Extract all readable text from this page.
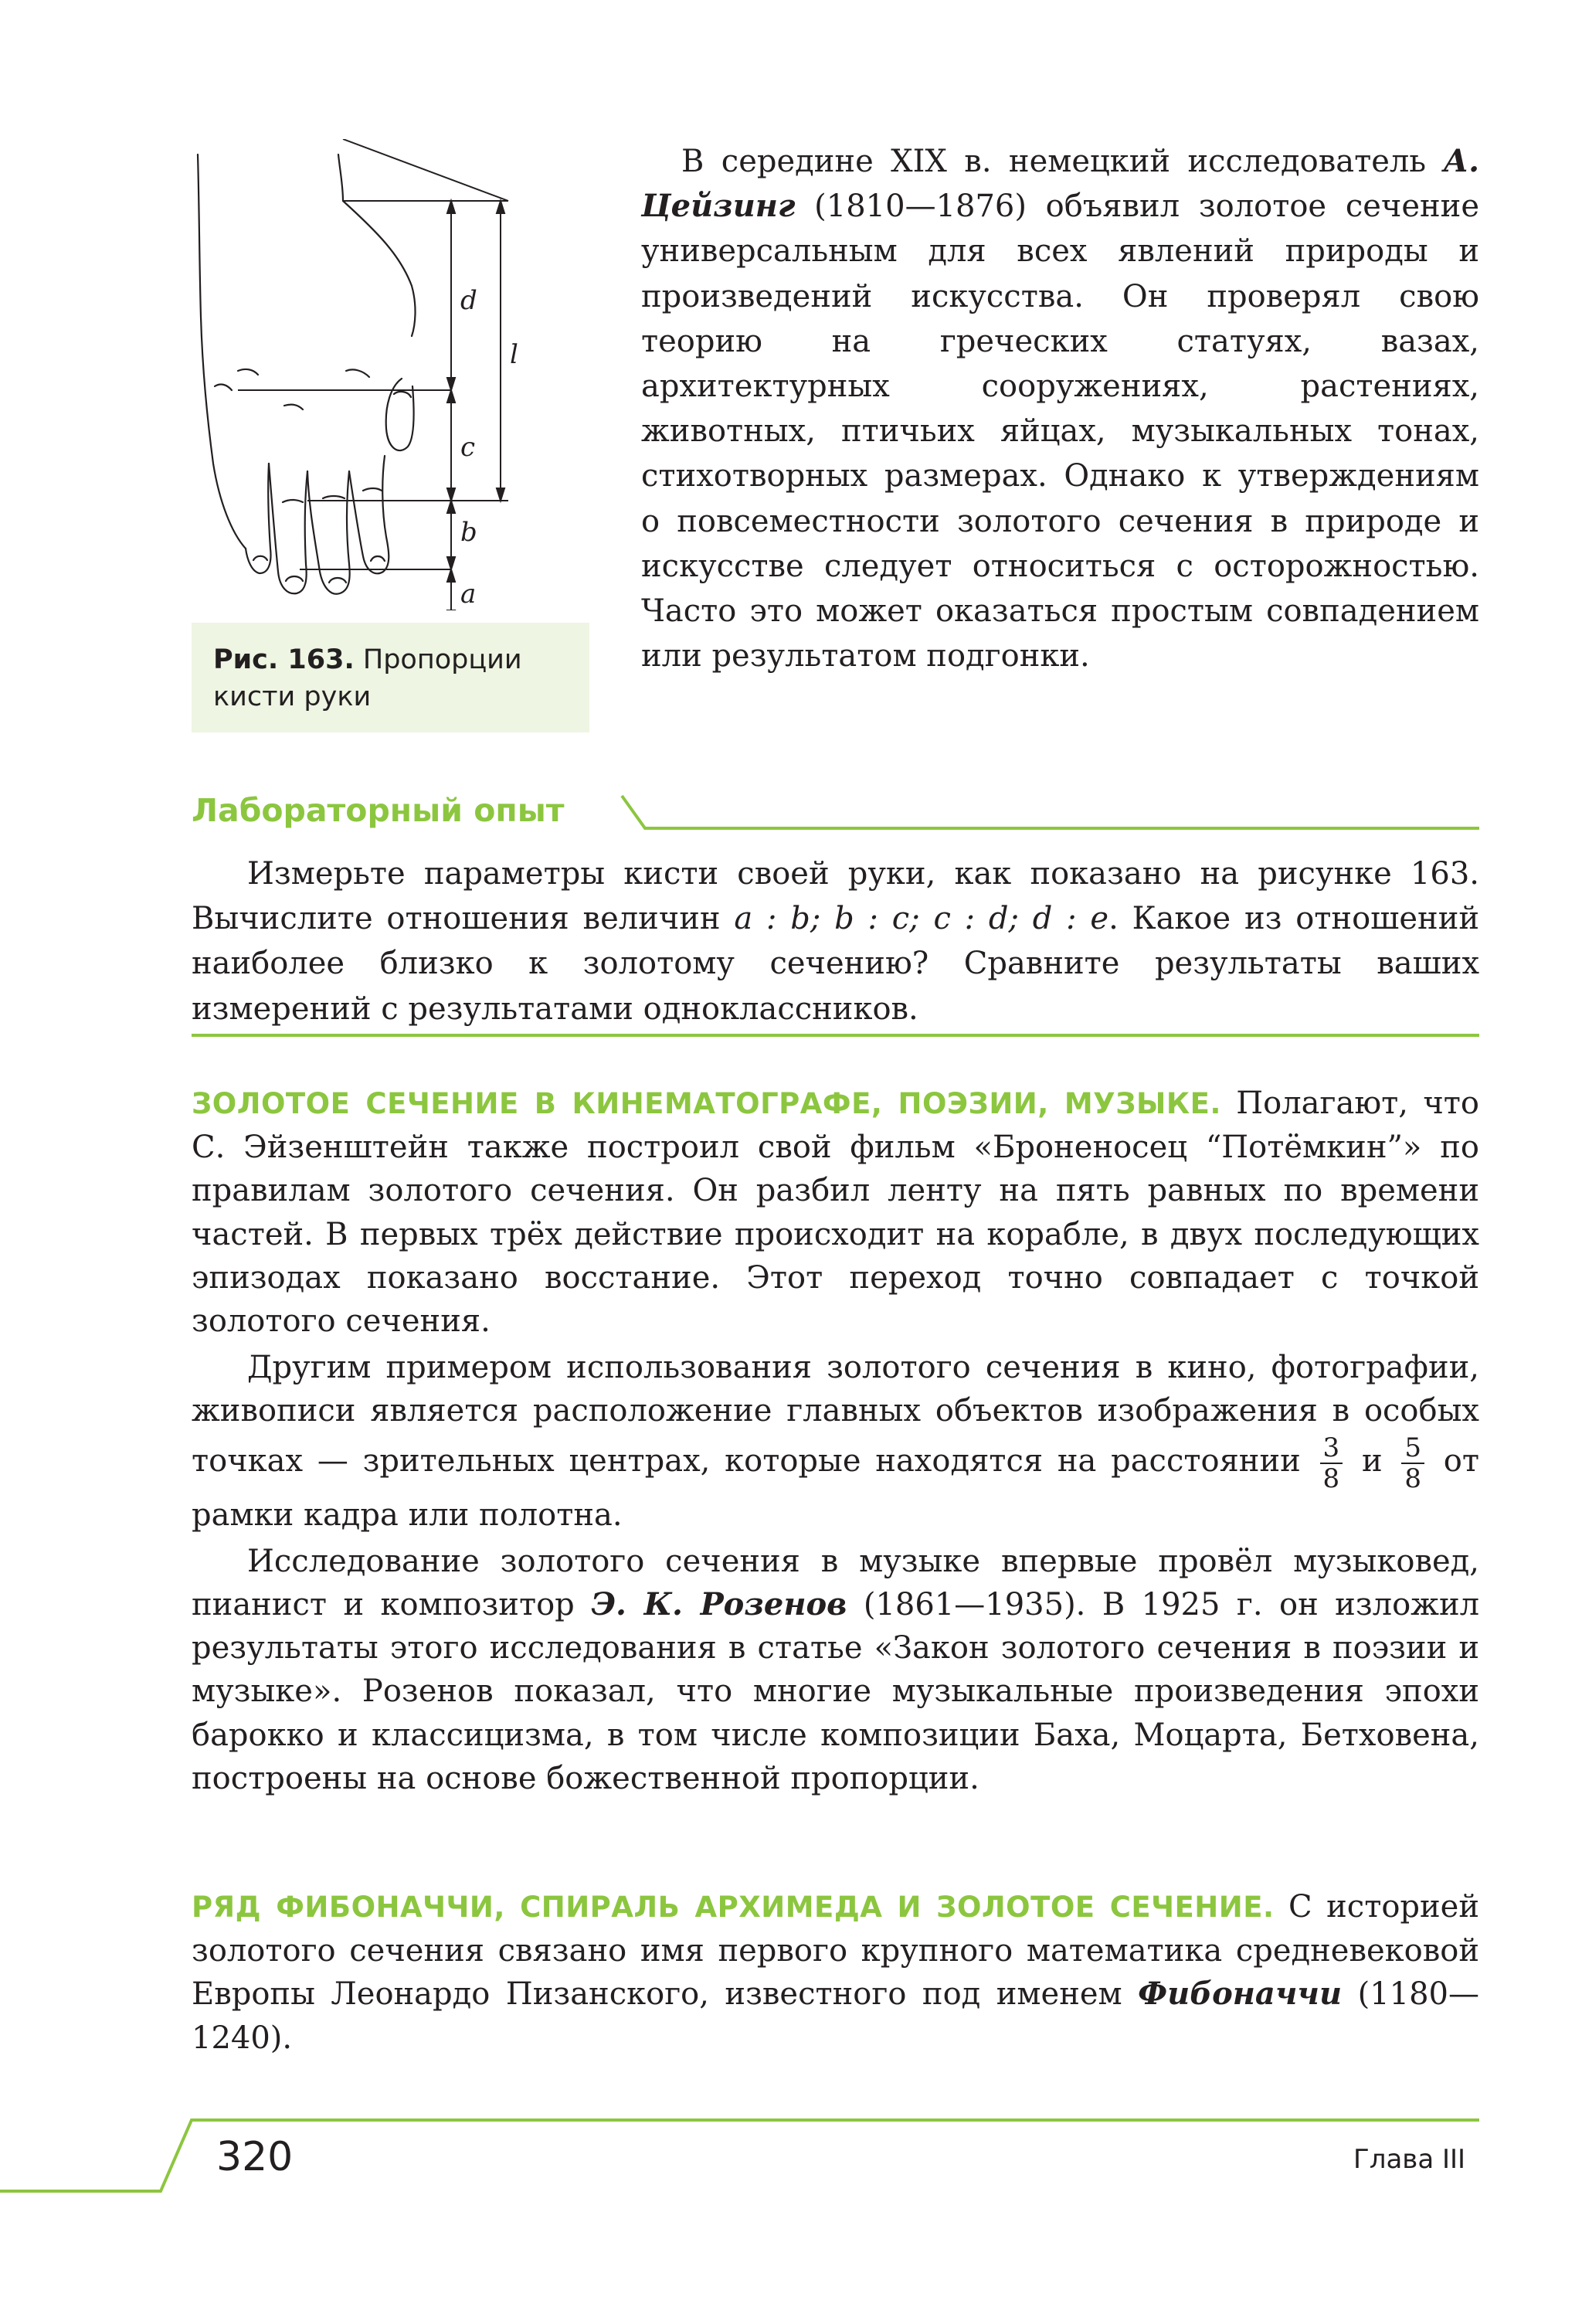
d
l
c
b
a
Рис. 163. Пропорции кисти руки

В середине XIX в. немецкий исследователь А. Цейзинг (1810—1876) объявил золотое сечение универсальным для всех явлений природы и произведений искусства. Он проверял свою теорию на греческих статуях, вазах, архитектурных сооружениях, растениях, животных, птичьих яйцах, музыкальных тонах, стихотворных размерах. Однако к утверждениям о повсеместности золотого сечения в природе и искусстве следует относиться с осторожностью. Часто это может оказаться простым совпадением или результатом подгонки.

Лабораторный опыт

Измерьте параметры кисти своей руки, как показано на рисунке 163. Вычислите отношения величин a : b; b : c; c : d; d : e. Какое из отношений наиболее близко к золотому сечению? Сравните результаты ваших измерений с результатами одноклассников.

ЗОЛОТОЕ СЕЧЕНИЕ В КИНЕМАТОГРАФЕ, ПОЭЗИИ, МУЗЫКЕ. Полагают, что С. Эйзенштейн также построил свой фильм «Броненосец “Потёмкин”» по правилам золотого сечения. Он разбил ленту на пять равных по времени частей. В первых трёх действие происходит на корабле, в двух последующих эпизодах показано восстание. Этот переход точно совпадает с точкой золотого сечения.

Другим примером использования золотого сечения в кино, фотографии, живописи является расположение главных объектов изображения в особых точках — зрительных центрах, которые находятся на расстоянии $\frac{3}{8}$ и $\frac{5}{8}$ от рамки кадра или полотна.

Исследование золотого сечения в музыке впервые провёл музыковед, пианист и композитор Э. К. Розенов (1861—1935). В 1925 г. он изложил результаты этого исследования в статье «Закон золотого сечения в поэзии и музыке». Розенов показал, что многие музыкальные произведения эпохи барокко и классицизма, в том числе композиции Баха, Моцарта, Бетховена, построены на основе божественной пропорции.

РЯД ФИБОНАЧЧИ, СПИРАЛЬ АРХИМЕДА И ЗОЛОТОЕ СЕЧЕНИЕ. С историей золотого сечения связано имя первого крупного математика средневековой Европы Леонардо Пизанского, известного под именем Фибоначчи (1180—1240).

320	Глава III
